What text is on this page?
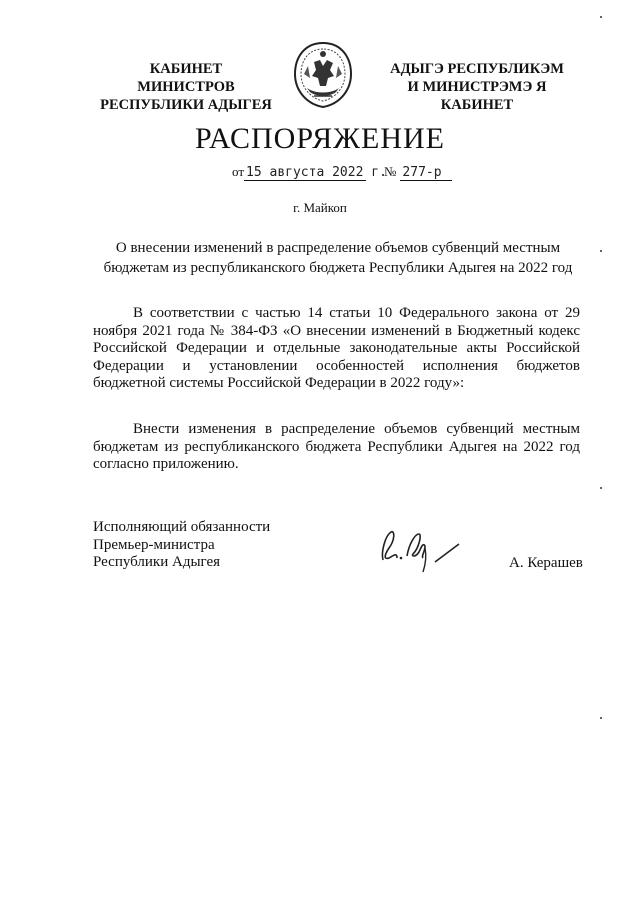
КАБИНЕТ МИНИСТРОВ
РЕСПУБЛИКИ АДЫГЕЯ
АДЫГЭ РЕСПУБЛИКЭМ
И МИНИСТРЭМЭ Я КАБИНЕТ
РАСПОРЯЖЕНИЕ
от 15 августа 2022 г.№ 277-р
г. Майкоп
О внесении изменений в распределение объемов субвенций местным бюджетам из республиканского бюджета Республики Адыгея на 2022 год
В соответствии с частью 14 статьи 10 Федерального закона от 29 ноября 2021 года № 384-ФЗ «О внесении изменений в Бюджетный кодекс Российской Федерации и отдельные законодательные акты Российской Федерации и установлении особенностей исполнения бюджетов бюджетной системы Российской Федерации в 2022 году»:
Внести изменения в распределение объемов субвенций местным бюджетам из республиканского бюджета Республики Адыгея на 2022 год согласно приложению.
Исполняющий обязанности
Премьер-министра
Республики Адыгея	А. Керашев
